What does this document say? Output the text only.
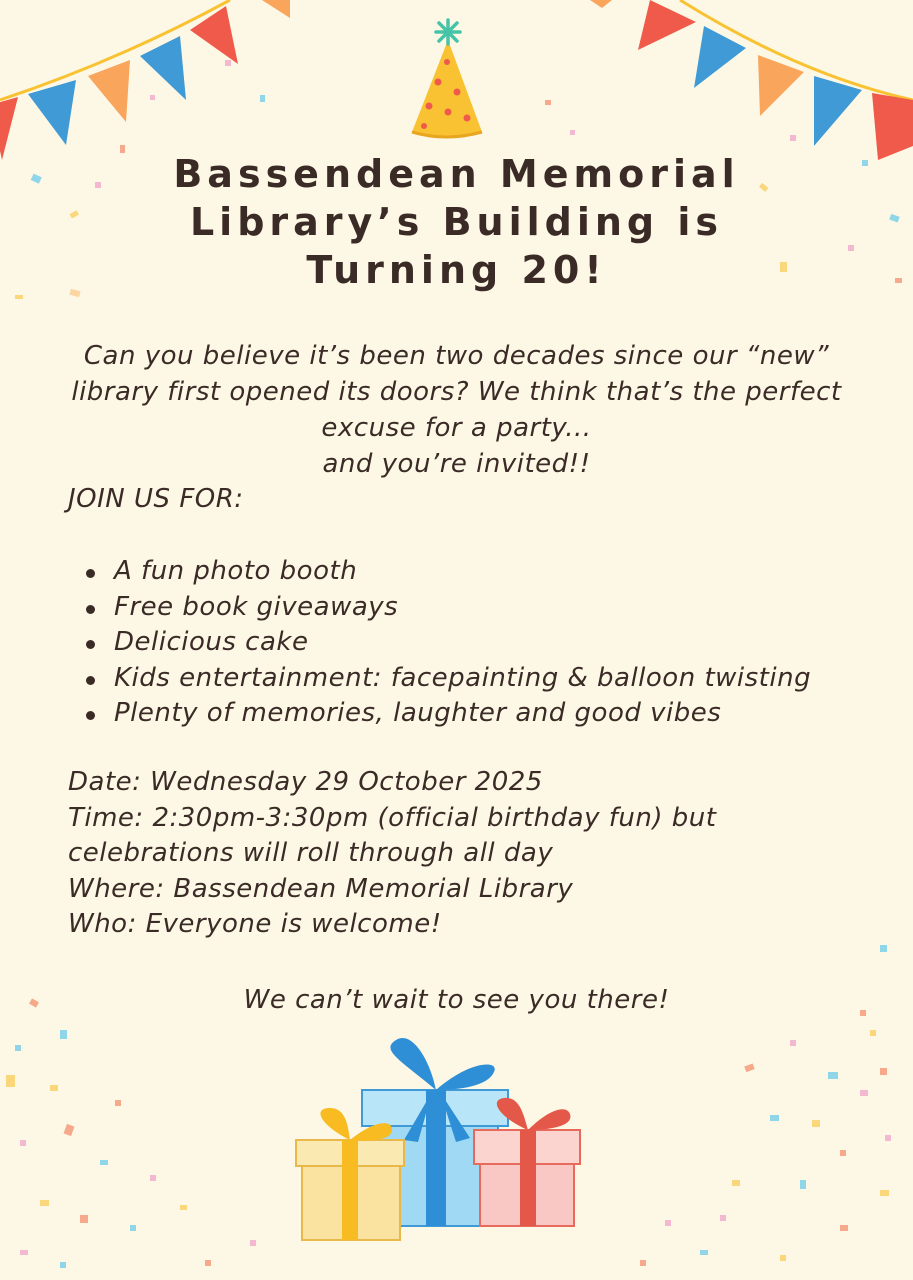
Bassendean Memorial
Library’s Building is
Turning 20!
Can you believe it’s been two decades since our “new”
library first opened its doors? We think that’s the perfect
excuse for a party...
and you’re invited!!
JOIN US FOR:
A fun photo booth
Free book giveaways
Delicious cake
Kids entertainment: facepainting & balloon twisting
Plenty of memories, laughter and good vibes
Date: Wednesday 29 October 2025
Time: 2:30pm-3:30pm (official birthday fun) but
celebrations will roll through all day
Where: Bassendean Memorial Library
Who: Everyone is welcome!
We can’t wait to see you there!
